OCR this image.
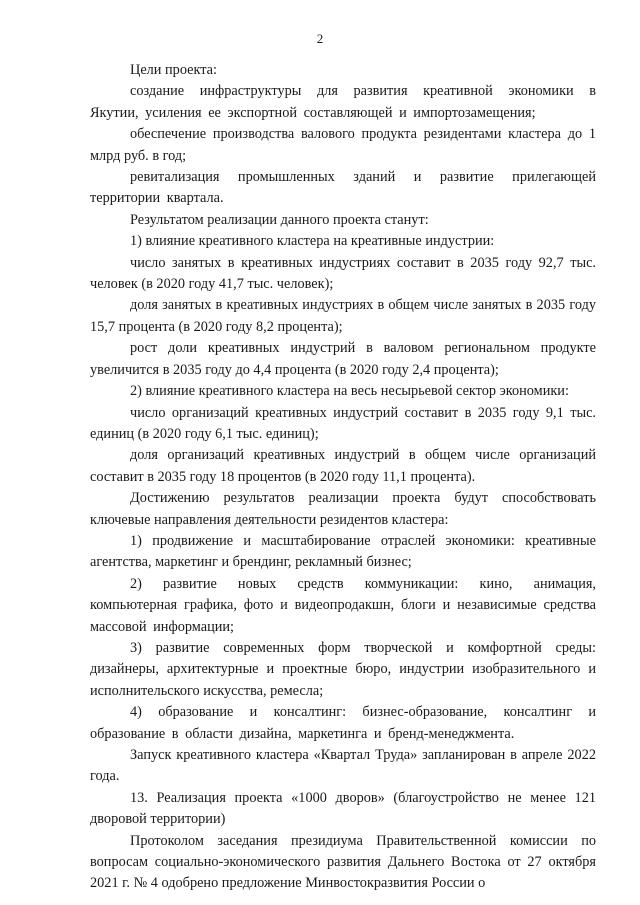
2

Цели проекта:

создание инфраструктуры для развития креативной экономики в Якутии, усиления ее экспортной составляющей и импортозамещения;

обеспечение производства валового продукта резидентами кластера до 1 млрд руб. в год;

ревитализация промышленных зданий и развитие прилегающей территории квартала.

Результатом реализации данного проекта станут:

1) влияние креативного кластера на креативные индустрии:

число занятых в креативных индустриях составит в 2035 году 92,7 тыс. человек (в 2020 году 41,7 тыс. человек);

доля занятых в креативных индустриях в общем числе занятых в 2035 году 15,7 процента (в 2020 году 8,2 процента);

рост доли креативных индустрий в валовом региональном продукте увеличится в 2035 году до 4,4 процента (в 2020 году 2,4 процента);

2) влияние креативного кластера на весь несырьевой сектор экономики:

число организаций креативных индустрий составит в 2035 году 9,1 тыс. единиц (в 2020 году 6,1 тыс. единиц);

доля организаций креативных индустрий в общем числе организаций составит в 2035 году 18 процентов (в 2020 году 11,1 процента).

Достижению результатов реализации проекта будут способствовать ключевые направления деятельности резидентов кластера:

1) продвижение и масштабирование отраслей экономики: креативные агентства, маркетинг и брендинг, рекламный бизнес;

2) развитие новых средств коммуникации: кино, анимация, компьютерная графика, фото и видеопродакшн, блоги и независимые средства массовой информации;

3) развитие современных форм творческой и комфортной среды: дизайнеры, архитектурные и проектные бюро, индустрии изобразительного и исполнительского искусства, ремесла;

4) образование и консалтинг: бизнес-образование, консалтинг и образование в области дизайна, маркетинга и бренд-менеджмента.

Запуск креативного кластера «Квартал Труда» запланирован в апреле 2022 года.

13. Реализация проекта «1000 дворов» (благоустройство не менее 121 дворовой территории)

Протоколом заседания президиума Правительственной комиссии по вопросам социально-экономического развития Дальнего Востока от 27 октября 2021 г. № 4 одобрено предложение Минвостокразвития России о
